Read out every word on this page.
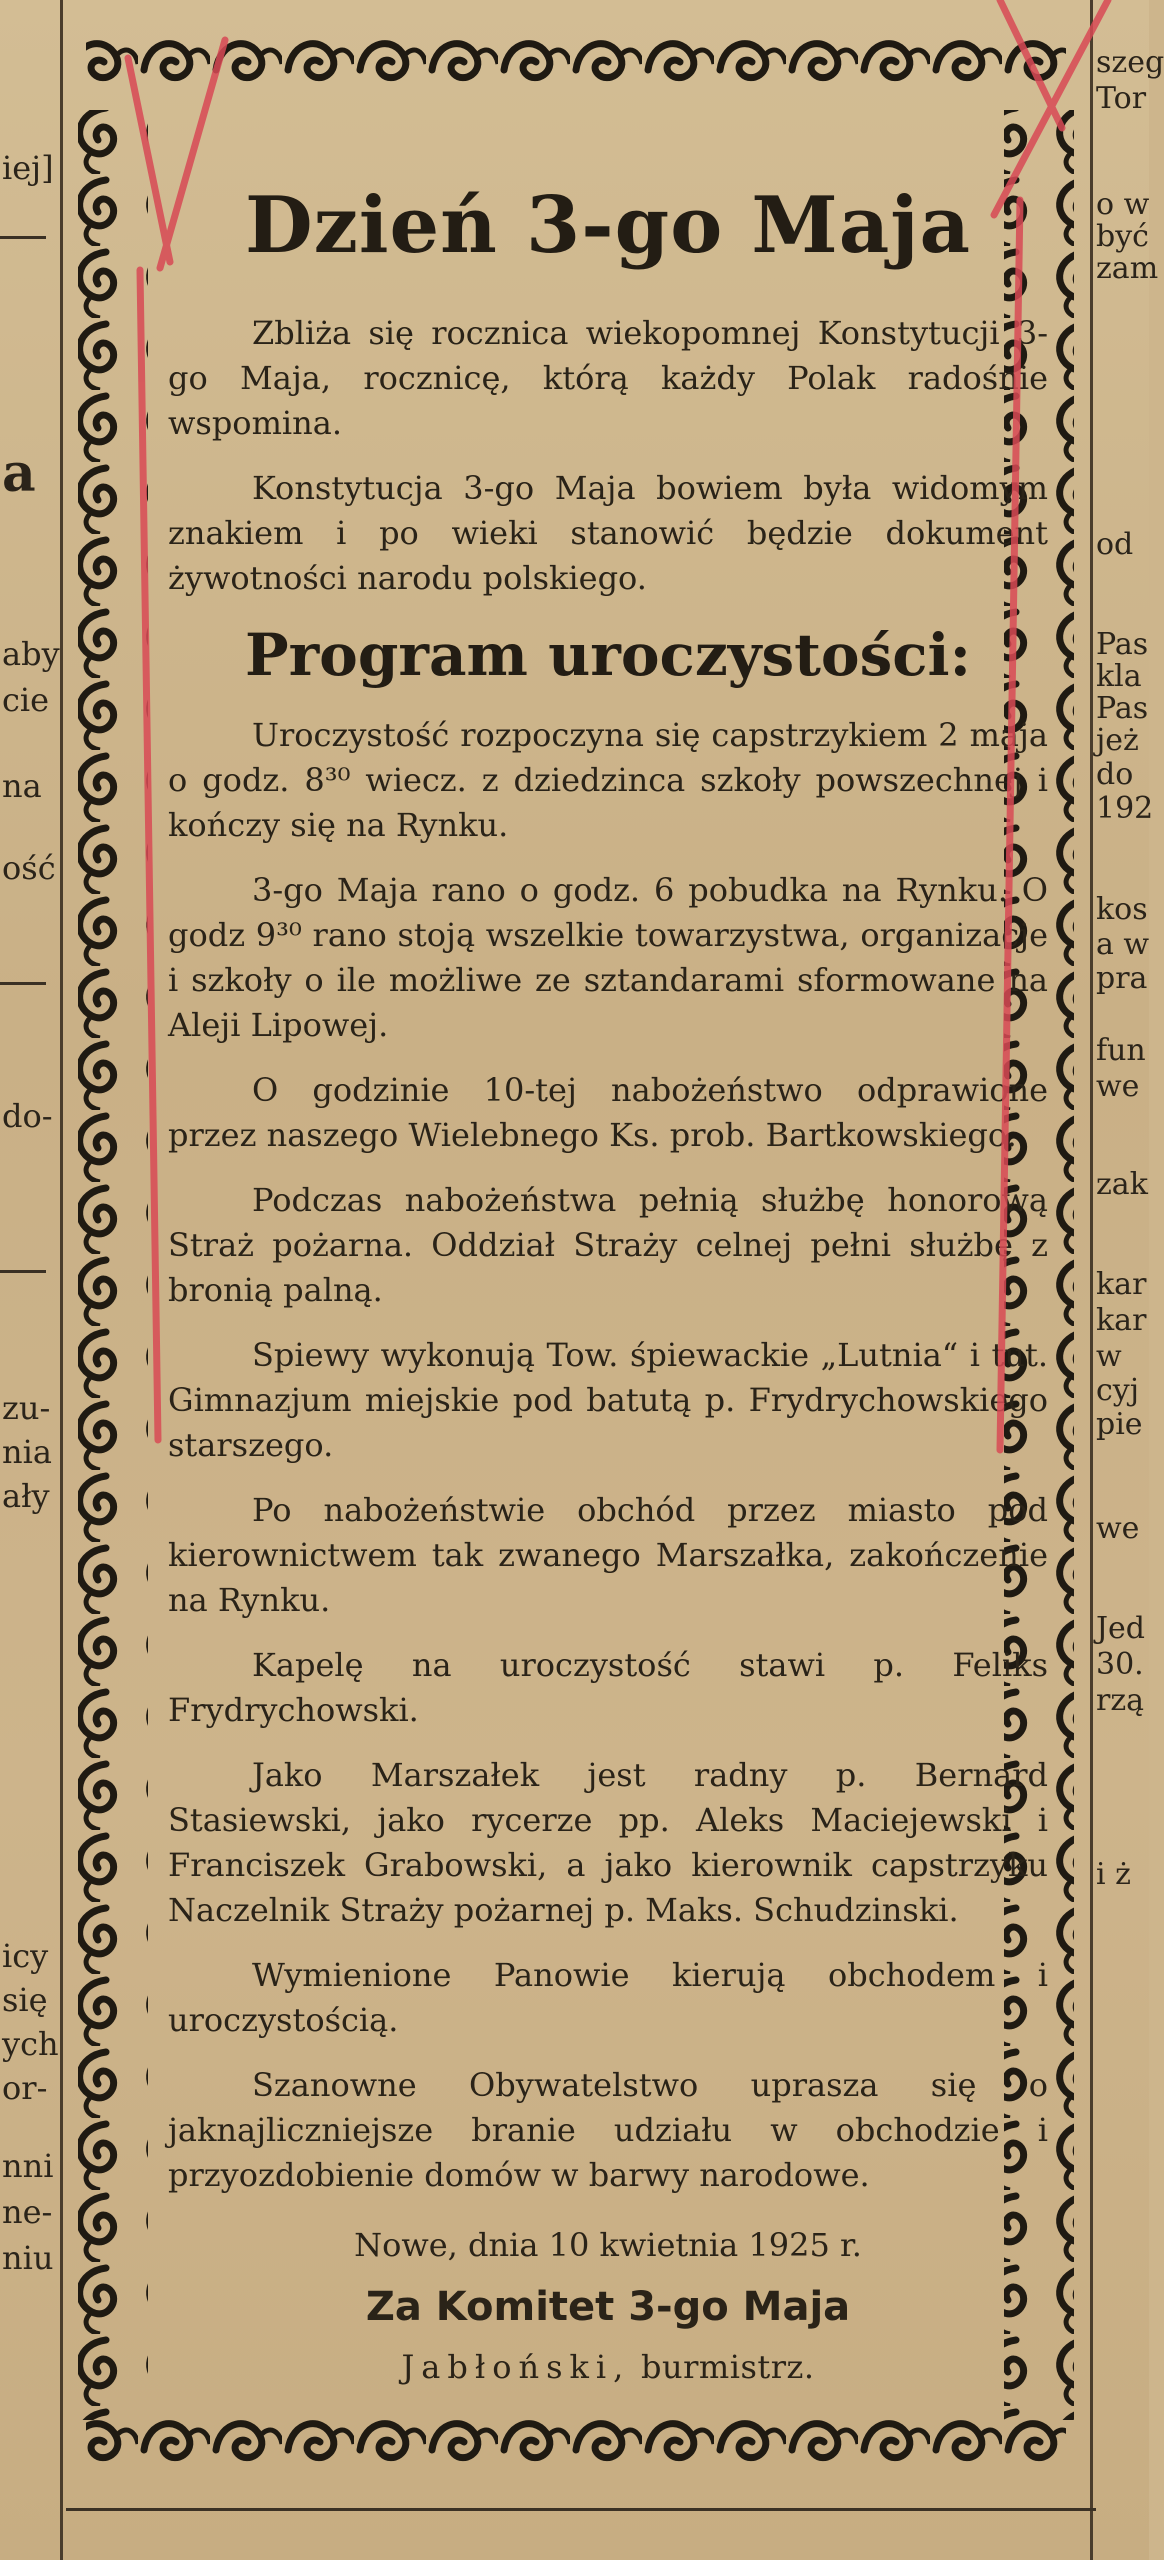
iej]
a
aby
cie
na
ość
do-
zu-
nia
ały
icy
się
ych
or-
nni
ne-
niu
szeg
Tor
o w
być
zam
od
Pas
kla
Pas
jeż
do
192
kos
a w
pra
fun
we
zak
kar
kar
w
cyj
pie
we
Jed
30.
rzą
i ż
Dzień 3-go Maja

Zbliża się rocznica wiekopomnej Konstytucji 3-go Maja, rocznicę, którą każdy Polak radośnie wspomina.

Konstytucja 3-go Maja bowiem była widomym znakiem i po wieki stanowić będzie dokument żywotności narodu polskiego.

Program uroczystości:

Uroczystość rozpoczyna się capstrzykiem 2 maja o godz. 8³⁰ wiecz. z dziedzinca szkoły powszechnej i kończy się na Rynku.

3-go Maja rano o godz. 6 pobudka na Rynku. O godz 9³⁰ rano stoją wszelkie towarzystwa, organizacje i szkoły o ile możliwe ze sztandarami sformowane na Aleji Lipowej.

O godzinie 10-tej nabożeństwo odprawione przez naszego Wielebnego Ks. prob. Bartkowskiego.

Podczas nabożeństwa pełnią służbę honorową Straż pożarna. Oddział Straży celnej pełni służbę z bronią palną.

Spiewy wykonują Tow. śpiewackie „Lutnia“ i tut. Gimnazjum miejskie pod batutą p. Frydrychowskiego starszego.

Po nabożeństwie obchód przez miasto pod kierownictwem tak zwanego Marszałka, zakończenie na Rynku.

Kapelę na uroczystość stawi p. Feliks Frydrychowski.

Jako Marszałek jest radny p. Bernard Stasiewski, jako rycerze pp. Aleks Maciejewski i Franciszek Grabowski, a jako kierownik capstrzyku Naczelnik Straży pożarnej p. Maks. Schudzinski.

Wymienione Panowie kierują obchodem i uroczystością.

Szanowne Obywatelstwo uprasza się o jaknajliczniejsze branie udziału w obchodzie i przyozdobienie domów w barwy narodowe.

Nowe, dnia 10 kwietnia 1925 r.
Za Komitet 3-go Maja
Jabłoński, burmistrz.
